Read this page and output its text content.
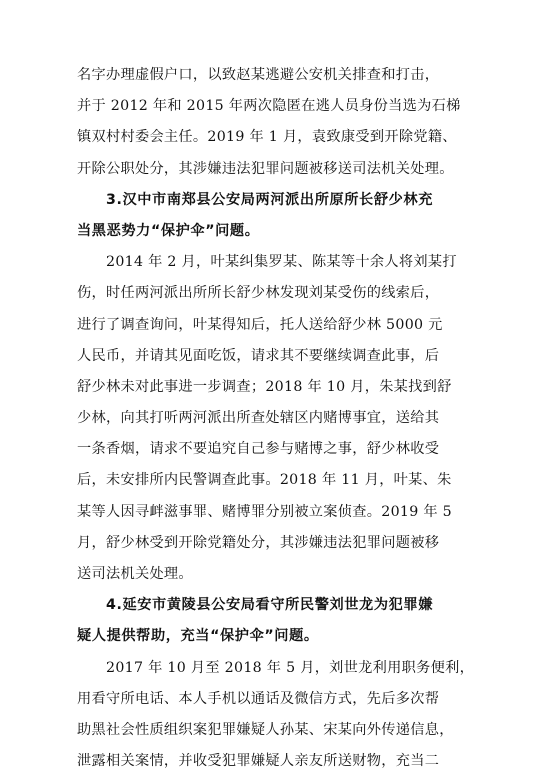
名字办理虚假户口，以致赵某逃避公安机关排查和打击，
并于 2012 年和 2015 年两次隐匿在逃人员身份当选为石梯
镇双村村委会主任。2019 年 1 月，袁致康受到开除党籍、
开除公职处分，其涉嫌违法犯罪问题被移送司法机关处理。
3.汉中市南郑县公安局两河派出所原所长舒少林充
当黑恶势力“保护伞”问题。
2014 年 2 月，叶某纠集罗某、陈某等十余人将刘某打
伤，时任两河派出所所长舒少林发现刘某受伤的线索后，
进行了调查询问，叶某得知后，托人送给舒少林 5000 元
人民币，并请其见面吃饭，请求其不要继续调查此事，后
舒少林未对此事进一步调查；2018 年 10 月，朱某找到舒
少林，向其打听两河派出所查处辖区内赌博事宜，送给其
一条香烟，请求不要追究自己参与赌博之事，舒少林收受
后，未安排所内民警调查此事。2018 年 11 月，叶某、朱
某等人因寻衅滋事罪、赌博罪分别被立案侦查。2019 年 5
月，舒少林受到开除党籍处分，其涉嫌违法犯罪问题被移
送司法机关处理。
4.延安市黄陵县公安局看守所民警刘世龙为犯罪嫌
疑人提供帮助，充当“保护伞”问题。
2017 年 10 月至 2018 年 5 月，刘世龙利用职务便利，
用看守所电话、本人手机以通话及微信方式，先后多次帮
助黑社会性质组织案犯罪嫌疑人孙某、宋某向外传递信息，
泄露相关案情，并收受犯罪嫌疑人亲友所送财物，充当二
